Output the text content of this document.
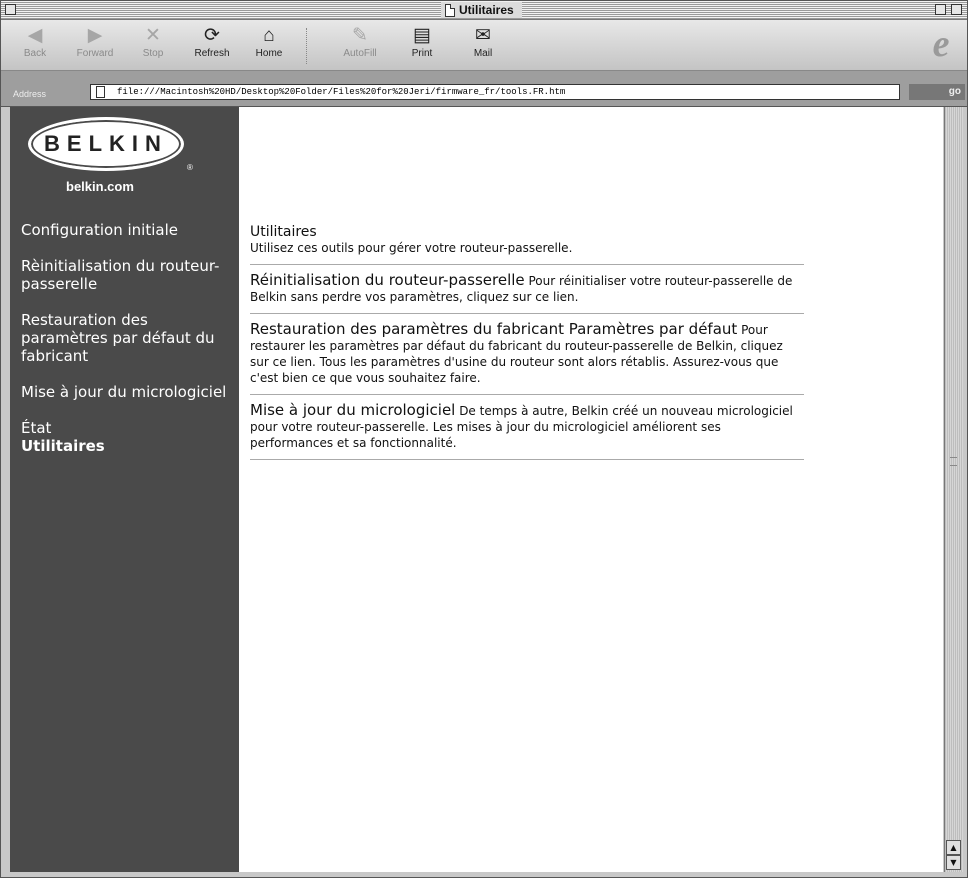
Utilitaires
◀
Back
▶
Forward
✕
Stop
⟳
Refresh
⌂
Home
✎
AutoFill
▤
Print
✉
Mail	e
Address	file:///Macintosh%20HD/Desktop%20Folder/Files%20for%20Jeri/firmware_fr/tools.FR.htm	go
BELKIN
®
belkin.com
Configuration initiale
Rèinitialisation du routeur-passerelle
Restauration des paramètres par défaut du fabricant
Mise à jour du micrologiciel
État
Utilitaires
Utilitaires
Utilisez ces outils pour gérer votre routeur-passerelle.
Réinitialisation du routeur-passerelle Pour réinitialiser votre routeur-passerelle de Belkin sans perdre vos paramètres, cliquez sur ce lien.
Restauration des paramètres du fabricant Paramètres par défaut Pour restaurer les paramètres par défaut du fabricant du routeur-passerelle de Belkin, cliquez sur ce lien. Tous les paramètres d'usine du routeur sont alors rétablis. Assurez-vous que c'est bien ce que vous souhaitez faire.
Mise à jour du micrologiciel De temps à autre, Belkin créé un nouveau micrologiciel pour votre routeur-passerelle. Les mises à jour du micrologiciel améliorent ses performances et sa fonctionnalité.
▲
▼
